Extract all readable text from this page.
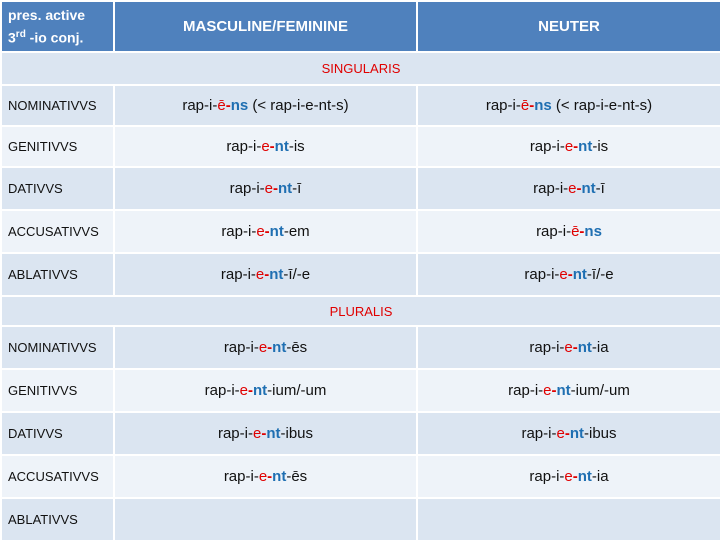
pres. active
3rd -io conj.	MASCULINE/FEMININE	NEUTER
SINGULARIS		
NOMINATIVVS	rap-i-ē-ns (< rap-i-e-nt-s)	rap-i-ē-ns (< rap-i-e-nt-s)
GENITIVVS	rap-i-e-nt-is	rap-i-e-nt-is
DATIVVS	rap-i-e-nt-ī	rap-i-e-nt-ī
ACCUSATIVVS	rap-i-e-nt-em	rap-i-ē-ns
ABLATIVVS	rap-i-e-nt-ī/-e	rap-i-e-nt-ī/-e
PLURALIS		
NOMINATIVVS	rap-i-e-nt-ēs	rap-i-e-nt-ia
GENITIVVS	rap-i-e-nt-ium/-um	rap-i-e-nt-ium/-um
DATIVVS	rap-i-e-nt-ibus	rap-i-e-nt-ibus
ACCUSATIVVS	rap-i-e-nt-ēs	rap-i-e-nt-ia
ABLATIVVS		
